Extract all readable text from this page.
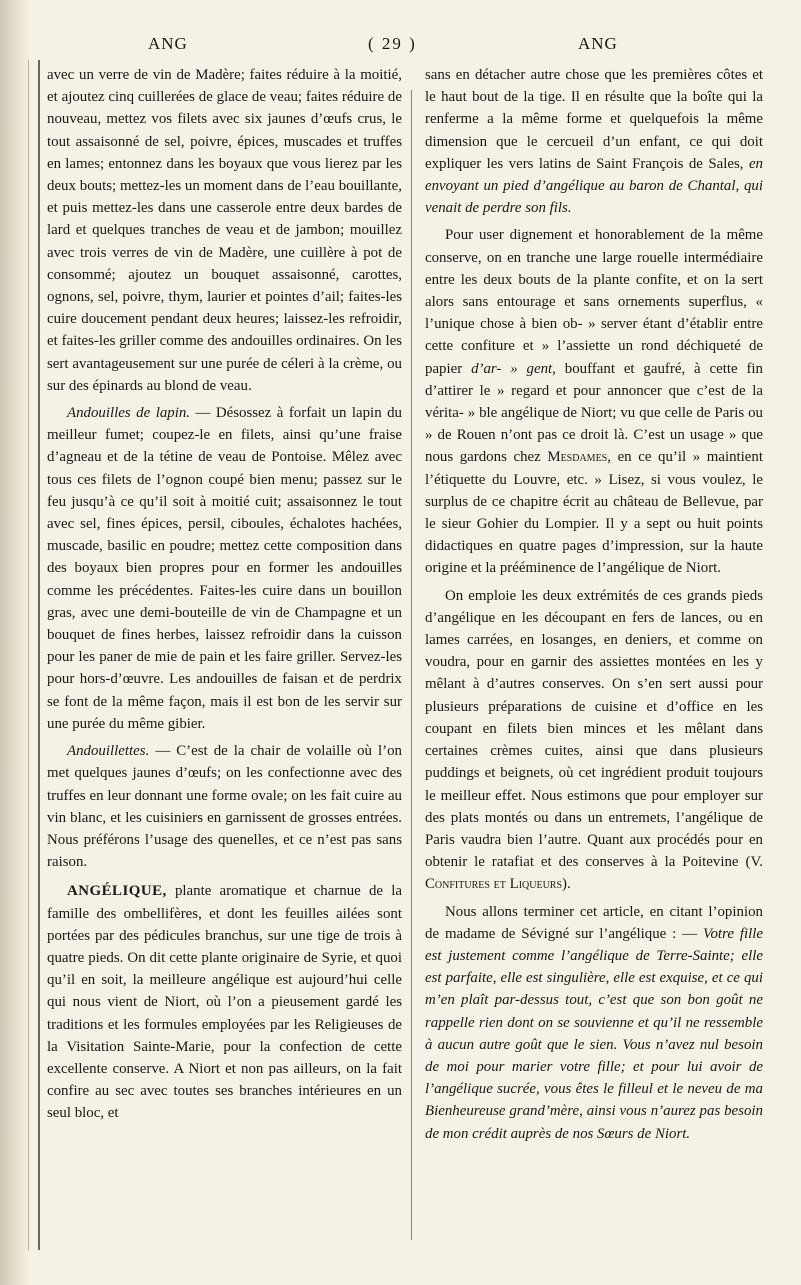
ANG	( 29 )	ANG

avec un verre de vin de Madère; faites réduire à la moitié, et ajoutez cinq cuillerées de glace de veau; faites réduire de nouveau, mettez vos filets avec six jaunes d’œufs crus, le tout assaisonné de sel, poivre, épices, muscades et truffes en lames; entonnez dans les boyaux que vous lierez par les deux bouts; mettez-les un moment dans de l’eau bouillante, et puis mettez-les dans une casserole entre deux bardes de lard et quelques tranches de veau et de jambon; mouillez avec trois verres de vin de Madère, une cuillère à pot de consommé; ajoutez un bouquet assaisonné, carottes, ognons, sel, poivre, thym, laurier et pointes d’ail; faites-les cuire doucement pendant deux heures; laissez-les refroidir, et faites-les griller comme des andouilles ordinaires. On les sert avantageusement sur une purée de céleri à la crème, ou sur des épinards au blond de veau.

Andouilles de lapin. — Désossez à forfait un lapin du meilleur fumet; coupez-le en filets, ainsi qu’une fraise d’agneau et de la tétine de veau de Pontoise. Mêlez avec tous ces filets de l’ognon coupé bien menu; passez sur le feu jusqu’à ce qu’il soit à moitié cuit; assaisonnez le tout avec sel, fines épices, persil, ciboules, échalotes hachées, muscade, basilic en poudre; mettez cette composition dans des boyaux bien propres pour en former les andouilles comme les précédentes. Faites-les cuire dans un bouillon gras, avec une demi-bouteille de vin de Champagne et un bouquet de fines herbes, laissez refroidir dans la cuisson pour les paner de mie de pain et les faire griller. Servez-les pour hors-d’œuvre. Les andouilles de faisan et de perdrix se font de la même façon, mais il est bon de les servir sur une purée du même gibier.

Andouillettes. — C’est de la chair de volaille où l’on met quelques jaunes d’œufs; on les confectionne avec des truffes en leur donnant une forme ovale; on les fait cuire au vin blanc, et les cuisiniers en garnissent de grosses entrées. Nous préférons l’usage des quenelles, et ce n’est pas sans raison.

ANGÉLIQUE, plante aromatique et charnue de la famille des ombellifères, et dont les feuilles ailées sont portées par des pédicules branchus, sur une tige de trois à quatre pieds. On dit cette plante originaire de Syrie, et quoi qu’il en soit, la meilleure angélique est aujourd’hui celle qui nous vient de Niort, où l’on a pieusement gardé les traditions et les formules employées par les Religieuses de la Visitation Sainte-Marie, pour la confection de cette excellente conserve. A Niort et non pas ailleurs, on la fait confire au sec avec toutes ses branches intérieures en un seul bloc, et

sans en détacher autre chose que les premières côtes et le haut bout de la tige. Il en résulte que la boîte qui la renferme a la même forme et quelquefois la même dimension que le cercueil d’un enfant, ce qui doit expliquer les vers latins de Saint François de Sales, en envoyant un pied d’angélique au baron de Chantal, qui venait de perdre son fils.

Pour user dignement et honorablement de la même conserve, on en tranche une large rouelle intermédiaire entre les deux bouts de la plante confite, et on la sert alors sans entourage et sans ornements superflus, « l’unique chose à bien ob- » server étant d’établir entre cette confiture et » l’assiette un rond déchiqueté de papier d’ar- » gent, bouffant et gaufré, à cette fin d’attirer le » regard et pour annoncer que c’est de la vérita- » ble angélique de Niort; vu que celle de Paris ou » de Rouen n’ont pas ce droit là. C’est un usage » que nous gardons chez Mesdames, en ce qu’il » maintient l’étiquette du Louvre, etc. » Lisez, si vous voulez, le surplus de ce chapitre écrit au château de Bellevue, par le sieur Gohier du Lompier. Il y a sept ou huit points didactiques en quatre pages d’impression, sur la haute origine et la prééminence de l’angélique de Niort.

On emploie les deux extrémités de ces grands pieds d’angélique en les découpant en fers de lances, ou en lames carrées, en losanges, en deniers, et comme on voudra, pour en garnir des assiettes montées en les y mêlant à d’autres conserves. On s’en sert aussi pour plusieurs préparations de cuisine et d’office en les coupant en filets bien minces et les mêlant dans certaines crèmes cuites, ainsi que dans plusieurs puddings et beignets, où cet ingrédient produit toujours le meilleur effet. Nous estimons que pour employer sur des plats montés ou dans un entremets, l’angélique de Paris vaudra bien l’autre. Quant aux procédés pour en obtenir le ratafiat et des conserves à la Poitevine (V. Confitures et Liqueurs).

Nous allons terminer cet article, en citant l’opinion de madame de Sévigné sur l’angélique : — Votre fille est justement comme l’angélique de Terre-Sainte; elle est parfaite, elle est singulière, elle est exquise, et ce qui m’en plaît par-dessus tout, c’est que son bon goût ne rappelle rien dont on se souvienne et qu’il ne ressemble à aucun autre goût que le sien. Vous n’avez nul besoin de moi pour marier votre fille; et pour lui avoir de l’angélique sucrée, vous êtes le filleul et le neveu de ma Bienheureuse grand’mère, ainsi vous n’aurez pas besoin de mon crédit auprès de nos Sœurs de Niort.
